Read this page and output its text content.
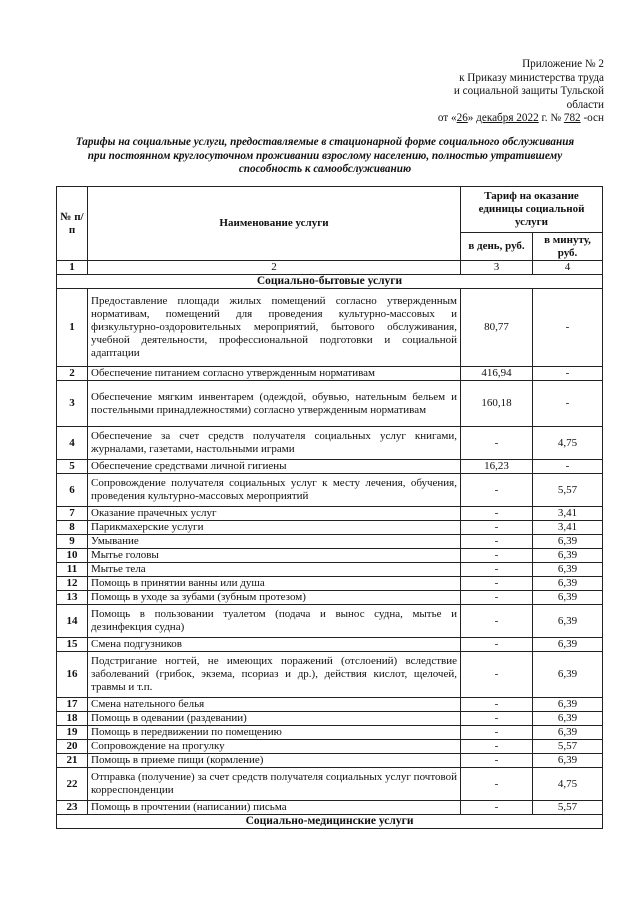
Приложение № 2
к Приказу министерства труда
и социальной защиты Тульской
области
от «26» декабря 2022 г. № 782 -осн
Тарифы на социальные услуги, предоставляемые в стационарной форме социального обслуживания при постоянном круглосуточном проживании взрослому населению, полностью утратившему способность к самообслуживанию
№ п/п	Наименование услуги	Тариф на оказание единицы социальной услуги	
		в день, руб.	в минуту, руб.
1	2	3	4
Социально-бытовые услуги			
1	Предоставление площади жилых помещений согласно утвержденным нормативам, помещений для проведения культурно-массовых и физкультурно-оздоровительных мероприятий, бытового обслуживания, учебной деятельности, профессиональной подготовки и социальной адаптации	80,77	-
2	Обеспечение питанием согласно утвержденным нормативам	416,94	-
3	Обеспечение мягким инвентарем (одеждой, обувью, нательным бельем и постельными принадлежностями) согласно утвержденным нормативам	160,18	-
4	Обеспечение за счет средств получателя социальных услуг книгами, журналами, газетами, настольными играми	-	4,75
5	Обеспечение средствами личной гигиены	16,23	-
6	Сопровождение получателя социальных услуг к месту лечения, обучения, проведения культурно-массовых мероприятий	-	5,57
7	Оказание прачечных услуг	-	3,41
8	Парикмахерские услуги	-	3,41
9	Умывание	-	6,39
10	Мытье головы	-	6,39
11	Мытье тела	-	6,39
12	Помощь в принятии ванны или душа	-	6,39
13	Помощь в уходе за зубами (зубным протезом)	-	6,39
14	Помощь в пользовании туалетом (подача и вынос судна, мытье и дезинфекция судна)	-	6,39
15	Смена подгузников	-	6,39
16	Подстригание ногтей, не имеющих поражений (отслоений) вследствие заболеваний (грибок, экзема, псориаз и др.), действия кислот, щелочей, травмы и т.п.	-	6,39
17	Смена нательного белья	-	6,39
18	Помощь в одевании (раздевании)	-	6,39
19	Помощь в передвижении по помещению	-	6,39
20	Сопровождение на прогулку	-	5,57
21	Помощь в приеме пищи (кормление)	-	6,39
22	Отправка (получение) за счет средств получателя социальных услуг почтовой корреспонденции	-	4,75
23	Помощь в прочтении (написании) письма	-	5,57
Социально-медицинские услуги			
